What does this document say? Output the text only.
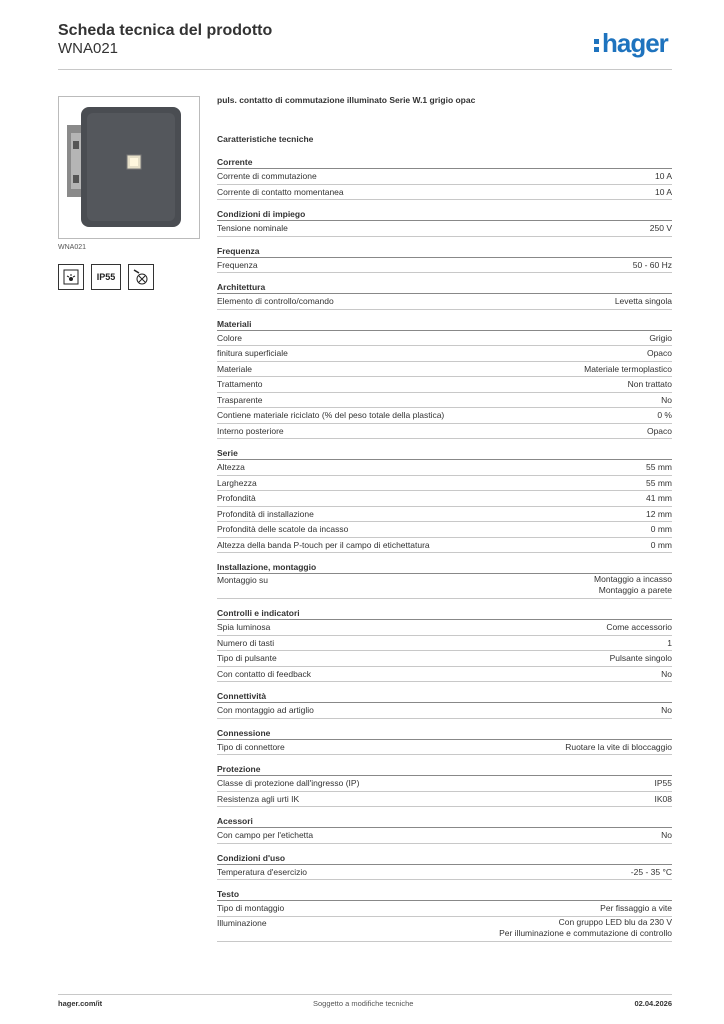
Scheda tecnica del prodotto
WNA021	hager
WNA021
IP55
puls. contatto di commutazione illuminato Serie W.1 grigio opac
Caratteristiche tecniche
Corrente
Corrente di commutazione	10 A
Corrente di contatto momentanea	10 A
Condizioni di impiego
Tensione nominale	250 V
Frequenza
Frequenza	50 - 60 Hz
Architettura
Elemento di controllo/comando	Levetta singola
Materiali
Colore	Grigio
finitura superficiale	Opaco
Materiale	Materiale termoplastico
Trattamento	Non trattato
Trasparente	No
Contiene materiale riciclato (% del peso totale della plastica)	0 %
Interno posteriore	Opaco
Serie
Altezza	55 mm
Larghezza	55 mm
Profondità	41 mm
Profondità di installazione	12 mm
Profondità delle scatole da incasso	0 mm
Altezza della banda P-touch per il campo di etichettatura	0 mm
Installazione, montaggio
Montaggio su	Montaggio a incasso
Montaggio a parete
Controlli e indicatori
Spia luminosa	Come accessorio
Numero di tasti	1
Tipo di pulsante	Pulsante singolo
Con contatto di feedback	No
Connettività
Con montaggio ad artiglio	No
Connessione
Tipo di connettore	Ruotare la vite di bloccaggio
Protezione
Classe di protezione dall'ingresso (IP)	IP55
Resistenza agli urti IK	IK08
Acessori
Con campo per l'etichetta	No
Condizioni d'uso
Temperatura d'esercizio	-25 - 35 °C
Testo
Tipo di montaggio	Per fissaggio a vite
Illuminazione	Con gruppo LED blu da 230 V
Per illuminazione e commutazione di controllo
hager.com/it	Soggetto a modifiche tecniche	02.04.2026
